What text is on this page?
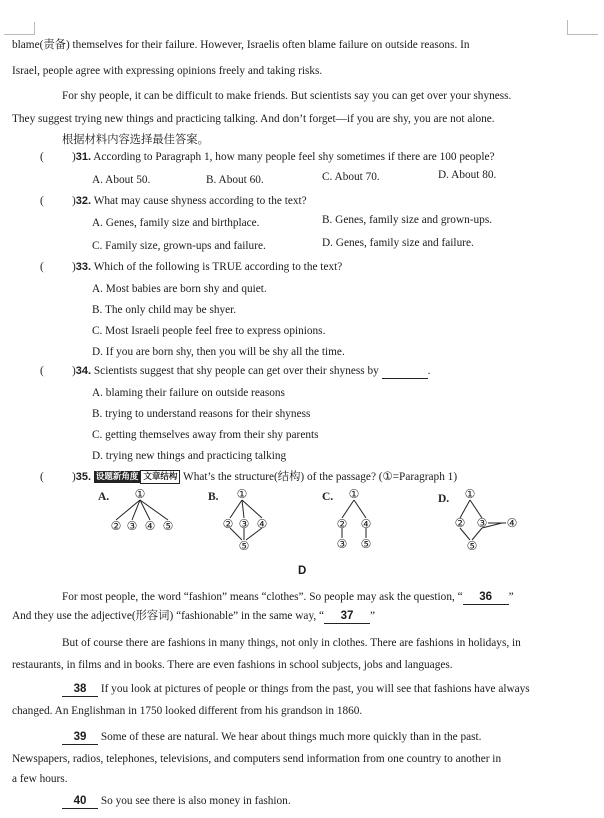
blame(责备) themselves for their failure. However, Israelis often blame failure on outside reasons. In
Israel, people agree with expressing opinions freely and taking risks.
For shy people, it can be difficult to make friends. But scientists say you can get over your shyness.
They suggest trying new things and practicing talking. And don’t forget—if you are shy, you are not alone.
根据材料内容选择最佳答案。
( )31. According to Paragraph 1, how many people feel shy sometimes if there are 100 people?
A. About 50.	B. About 60.	C. About 70.	D. About 80.
( )32. What may cause shyness according to the text?
A. Genes, family size and birthplace.	B. Genes, family size and grown-ups.
C. Family size, grown-ups and failure.	D. Genes, family size and failure.
( )33. Which of the following is TRUE according to the text?
A. Most babies are born shy and quiet.
B. The only child may be shyer.
C. Most Israeli people feel free to express opinions.
D. If you are born shy, then you will be shy all the time.
( )34. Scientists suggest that shy people can get over their shyness by	.
A. blaming their failure on outside reasons
B. trying to understand reasons for their shyness
C. getting themselves away from their shy parents
D. trying new things and practicing talking
( )35. 设题新角度 文章结构 What’s the structure(结构) of the passage? (①=Paragraph 1)
A. ①
② ③ ④ ⑤
B. ①
② ③ ④
⑤
C. ①
②
③
④
⑤
D. ①
② ③ ④
⑤
D
For most people, the word “fashion” means “clothes”. So people may ask the question, “ 36 ”
And they use the adjective(形容词) “fashionable” in the same way, “ 37 ”
But of course there are fashions in many things, not only in clothes. There are fashions in holidays, in
restaurants, in films and in books. There are even fashions in school subjects, jobs and languages.
38 If you look at pictures of people or things from the past, you will see that fashions have always
changed. An Englishman in 1750 looked different from his grandson in 1860.
39 Some of these are natural. We hear about things much more quickly than in the past.
Newspapers, radios, telephones, televisions, and computers send information from one country to another in
a few hours.
40 So you see there is also money in fashion.
